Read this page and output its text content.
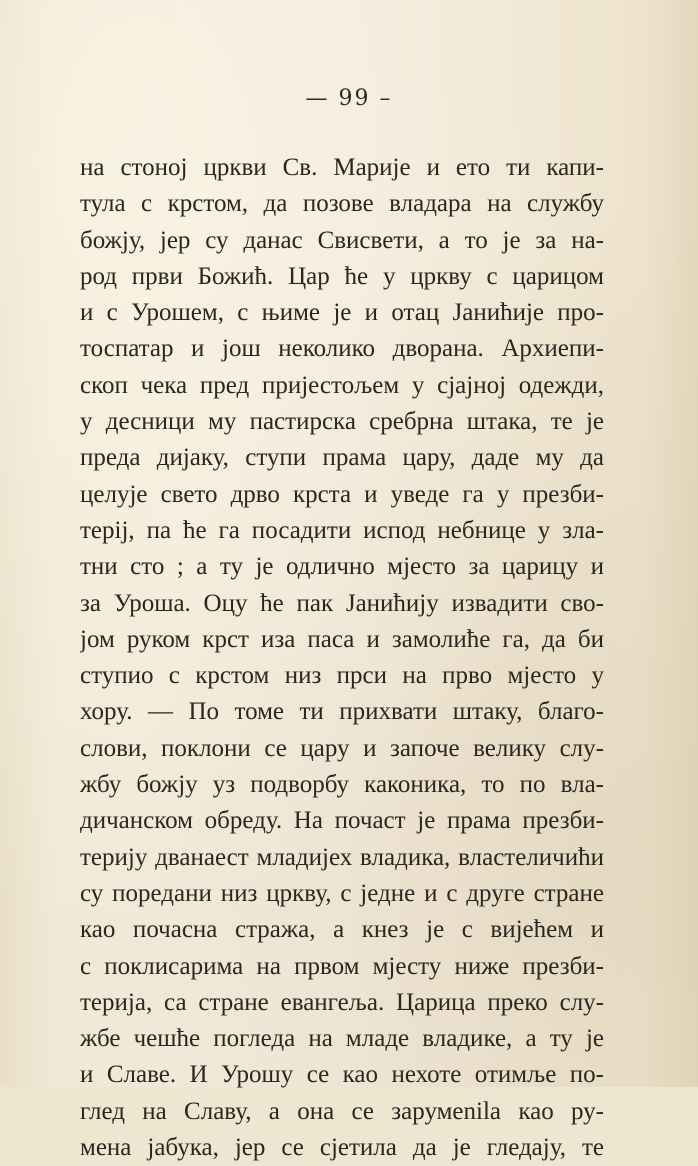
— 99 –
на стоној цркви Св. Марије и ето ти капи-
тула с крстом, да позове владара на службу
божју, јер су данас Свисвети, а то је за на-
род први Божић. Цар ће у цркву с царицом
и с Урошем, с њиме је и отац Јанићије про-
тоспатар и још неколико дворана. Архиепи-
скоп чека пред пријестољем у сјајној одежди,
у десници му пастирска сребрна штака, те је
преда дијаку, ступи прама цару, даде му да
целује свето дрво крста и уведе га у презби-
терij, па ће га посадити испод небнице у зла-
тни сто ; а ту је одлично мјесто за царицу и
за Уроша. Оцу ће пак Јанићију извадити сво-
јом руком крст иза паса и замолиће га, да би
ступио с крстом низ прси на прво мјесто у
хору. — По томе ти прихвати штаку, благо-
слови, поклони се цару и започе велику слу-
жбу божју уз подворбу каконика, то по вла-
дичанском обреду. На почаст је прама презби-
терију дванаест младијех владика, властеличићи
су поредани низ цркву, с једне и с друге стране
као почасна стража, а кнез је с вијећем и
с поклисарима на првом мјесту ниже презби-
терија, са стране евангеља. Царица преко слу-
жбе чешће погледа на младе владике, а ту је
и Славе. И Урошу се као нехоте отимље по-
глед на Славу, а она се зарумenila као ру-
мена јабука, јер се сјетила да је гледају, те
